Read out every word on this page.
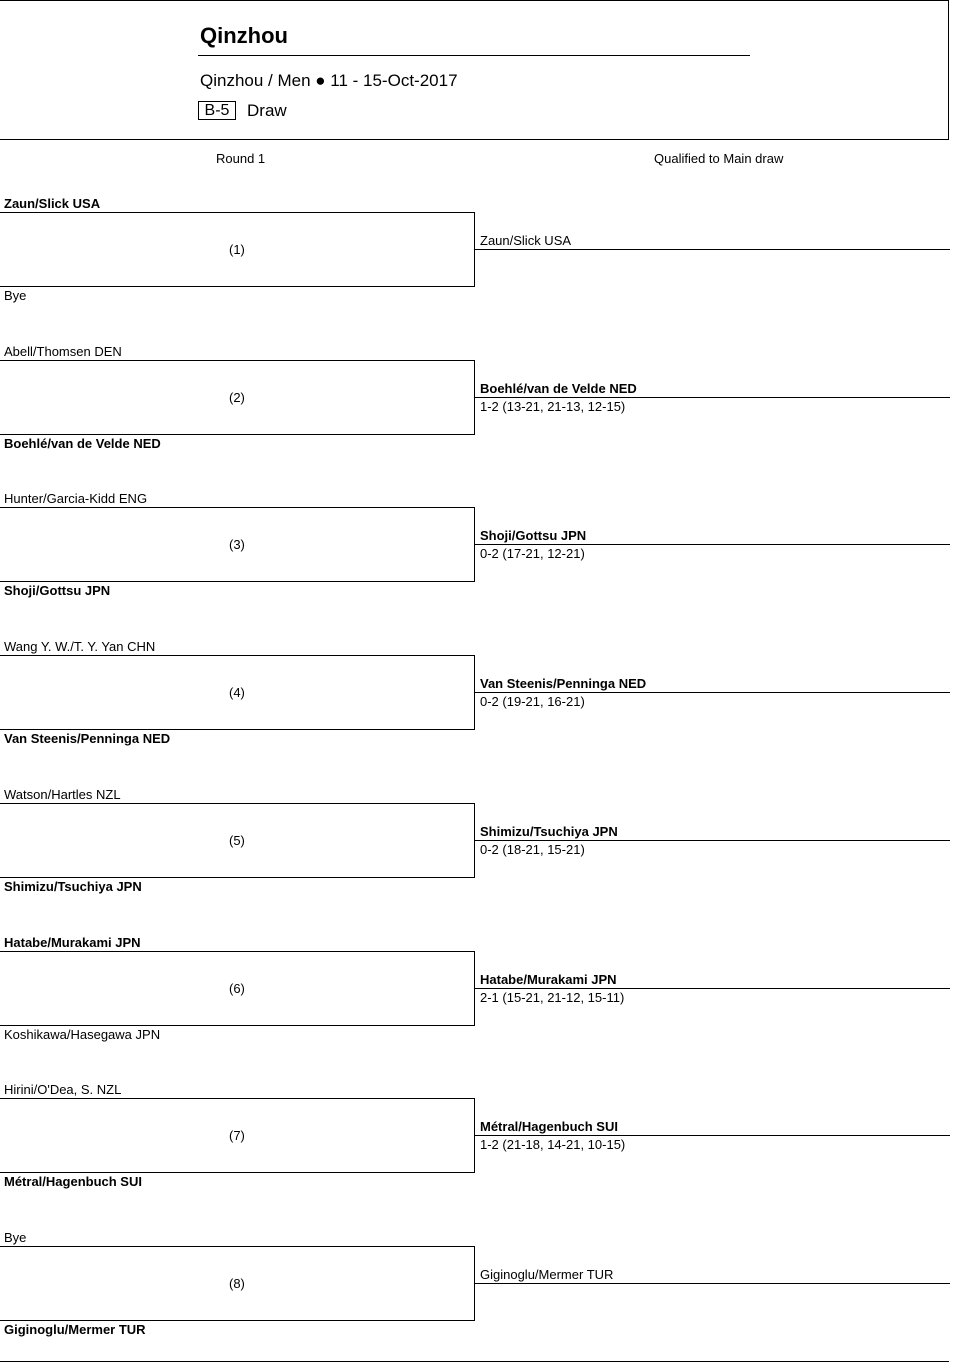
Qinzhou
Qinzhou / Men ● 11 - 15-Oct-2017
B-5	Draw
Round 1	Qualified to Main draw
Zaun/Slick USA
(1)
Bye
Zaun/Slick USA
Abell/Thomsen DEN
(2)
Boehlé/van de Velde NED
Boehlé/van de Velde NED
1-2 (13-21, 21-13, 12-15)
Hunter/Garcia-Kidd ENG
(3)
Shoji/Gottsu JPN
Shoji/Gottsu JPN
0-2 (17-21, 12-21)
Wang Y. W./T. Y. Yan CHN
(4)
Van Steenis/Penninga NED
Van Steenis/Penninga NED
0-2 (19-21, 16-21)
Watson/Hartles NZL
(5)
Shimizu/Tsuchiya JPN
Shimizu/Tsuchiya JPN
0-2 (18-21, 15-21)
Hatabe/Murakami JPN
(6)
Koshikawa/Hasegawa JPN
Hatabe/Murakami JPN
2-1 (15-21, 21-12, 15-11)
Hirini/O'Dea, S. NZL
(7)
Métral/Hagenbuch SUI
Métral/Hagenbuch SUI
1-2 (21-18, 14-21, 10-15)
Bye
(8)
Giginoglu/Mermer TUR
Giginoglu/Mermer TUR
